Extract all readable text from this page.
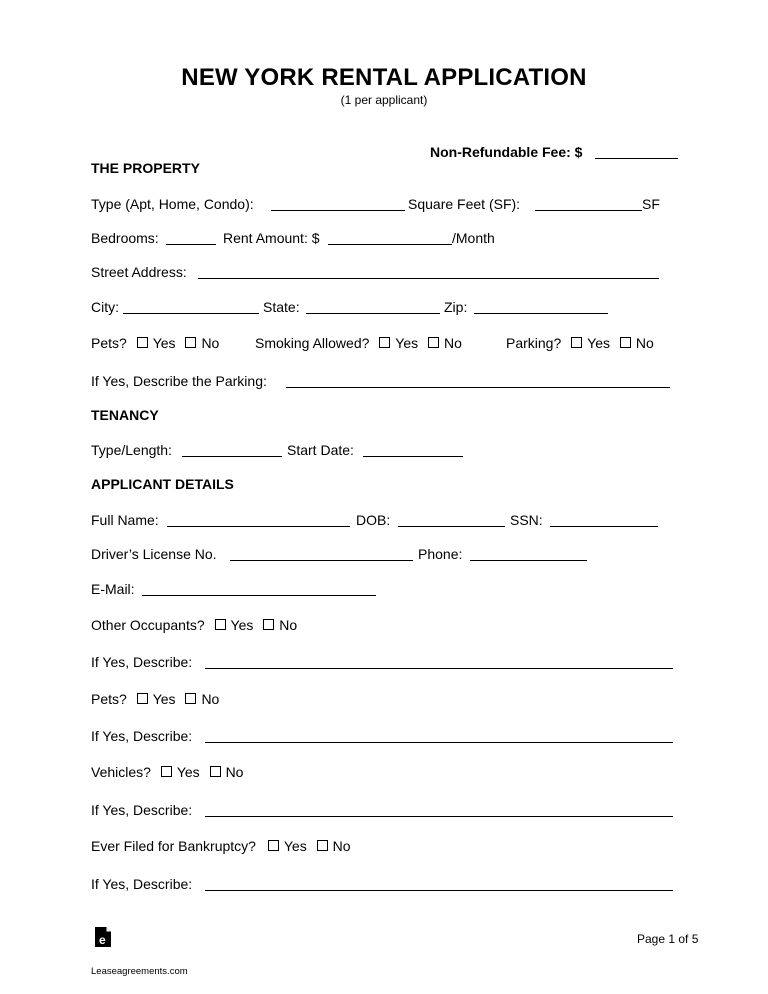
NEW YORK RENTAL APPLICATION
(1 per applicant)
Non-Refundable Fee: $
THE PROPERTY
Type (Apt, Home, Condo):	Square Feet (SF):	SF
Bedrooms:	Rent Amount: $	/Month
Street Address:
City:	State:	Zip:
Pets? Yes No	Smoking Allowed? Yes No	Parking? Yes No
If Yes, Describe the Parking:
TENANCY
Type/Length:	Start Date:
APPLICANT DETAILS
Full Name:	DOB:	SSN:
Driver’s License No.	Phone:
E-Mail:
Other Occupants? Yes No
If Yes, Describe:
Pets? Yes No
If Yes, Describe:
Vehicles? Yes No
If Yes, Describe:
Ever Filed for Bankruptcy? Yes No
If Yes, Describe:
e	Page 1 of 5
Leaseagreements.com
